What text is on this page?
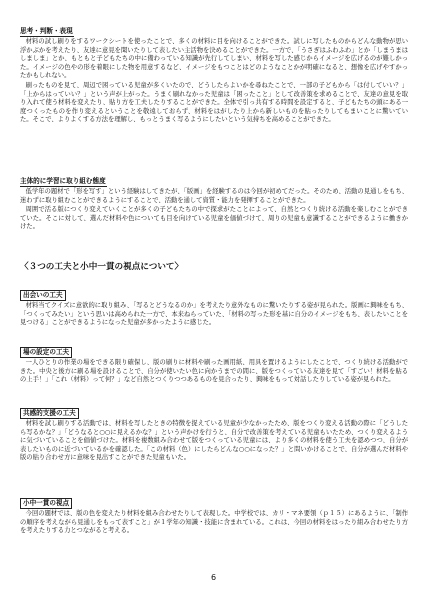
思考・判断・表現

材料の試し刷りをするワークシートを使ったことで、多くの材料に目を向けることができた。試しに写したものからどんな動物が思い浮かぶかを考えたり、友達に意見を聞いたりして表したい主活物を決めることができた。一方で、「うさぎはふわふわ」とか「しまうまはしましま」とか、もともと子どもたちの中に備わっている知識が先行してしまい、材料を写した感じからイメージを広げるのが難しかった。イメージの色やの形を着眼にした物を用意するなど、イメージをもつことはどのようなことかが明確になると、想像を広げやすかったかもしれない。

刷ったものを見て、周辺で困っている児童が多くいたので、どうしたらよいかを尋ねたことで、一部の子どもから「は付していい？」「上からはっていい？」という声が上がった。うまく刷れなかった児童は「困ったこと」として改善策を求めることで、友達の意見を取り入れて使う材料を変えたり、貼り方を工夫したりすることができた。全体で引っ共有する時間を設定すると、子どもたちの頭にある一度つくったものを作り変えるということを敬遠しておらず、材料をはがしたり上から新しいものを貼ったりしてもまいことに驚いていた。そこで、よりよくする方法を理解し、もっとうまく写るようにしたいという気持ちを高めることができた。

主体的に学習に取り組む態度

低学年の題材で「形を写す」という経験はしてきたが、「版画」を経験するのは今回が初めてだった。そのため、活動の見通しをもち、迷わずに取り組むことができるようにすることで、活動を通して資質・能力を発揮することができた。

周囲で活る版につくり変えていくことが多くの子どもたちの中で探求がたことによって、自然とつくり続ける活動を楽しむことができていた。そこに対して、選んだ材料や色についても目を向けている児童を価値づけて、周りの児童も意識することができるように働きかけた。

〈３つの工夫と小中一貫の視点について〉
出会いの工夫

材料当てクイズに意欲的に取り組み、「写るとどうなるのか」を考えたり意外なものに驚いたりする姿が見られた。版画に興味をもち、「つくってみたい」という思いは高められた一方で、本来ねらっていた、「材料の写った形を基に自分のイメージをもち、表したいことを見つける」ことができるようになった児童が多かったように感じた。

場の設定の工夫

一人ひとりの作業の場をできる限り確保し、版の刷りに材料や刷った画用紙、用具を置けるようにしたことで、つくり続ける活動ができた。中央と後方に刷る場を設けることで、自分が使いたい色に向かうまでの間に、版をつくっている友達を見て「すごい！材料を貼るの上手！」「これ（材料）って何？」など自然とつくりつつあるものを見合ったり、興味をもって対話したりしている姿が見られた。

共感的支援の工夫

材料を試し刷りする活動では、材料を写したときの特徴を捉えている児童が少なかったため、版をつくり変える活動の際に「どうしたら写るかな？」「どうなると○○に見えるかな？」という声かけを行うと、自分で改善策を考えている児童もいたため、つくり変えるように気づいていることを価値づけた。材料を複数組み合わせて版をつくっている児童には、より多くの材料を使う工夫を認めつつ、自分が表したいものに近づいているかを確認した。「この材料（色）にしたらどんな○○になった？」と問いかけることで、自分が選んだ材料や版の貼り合わせ方に意味を見出すことができた児童もいた。

小中一貫の視点

今回の題材では、版の色を変えたり材料を組み合わせたりして表現した。中学校では、カリ・マネ要領（ｐ１５）にあるように、「制作の順序を考えながら見通しをもって表すこと」が１学年の知識・技能に含まれている。これは、今回の材料をはったり組み合わせたり方を考えたりする力とつながると考える。

6
